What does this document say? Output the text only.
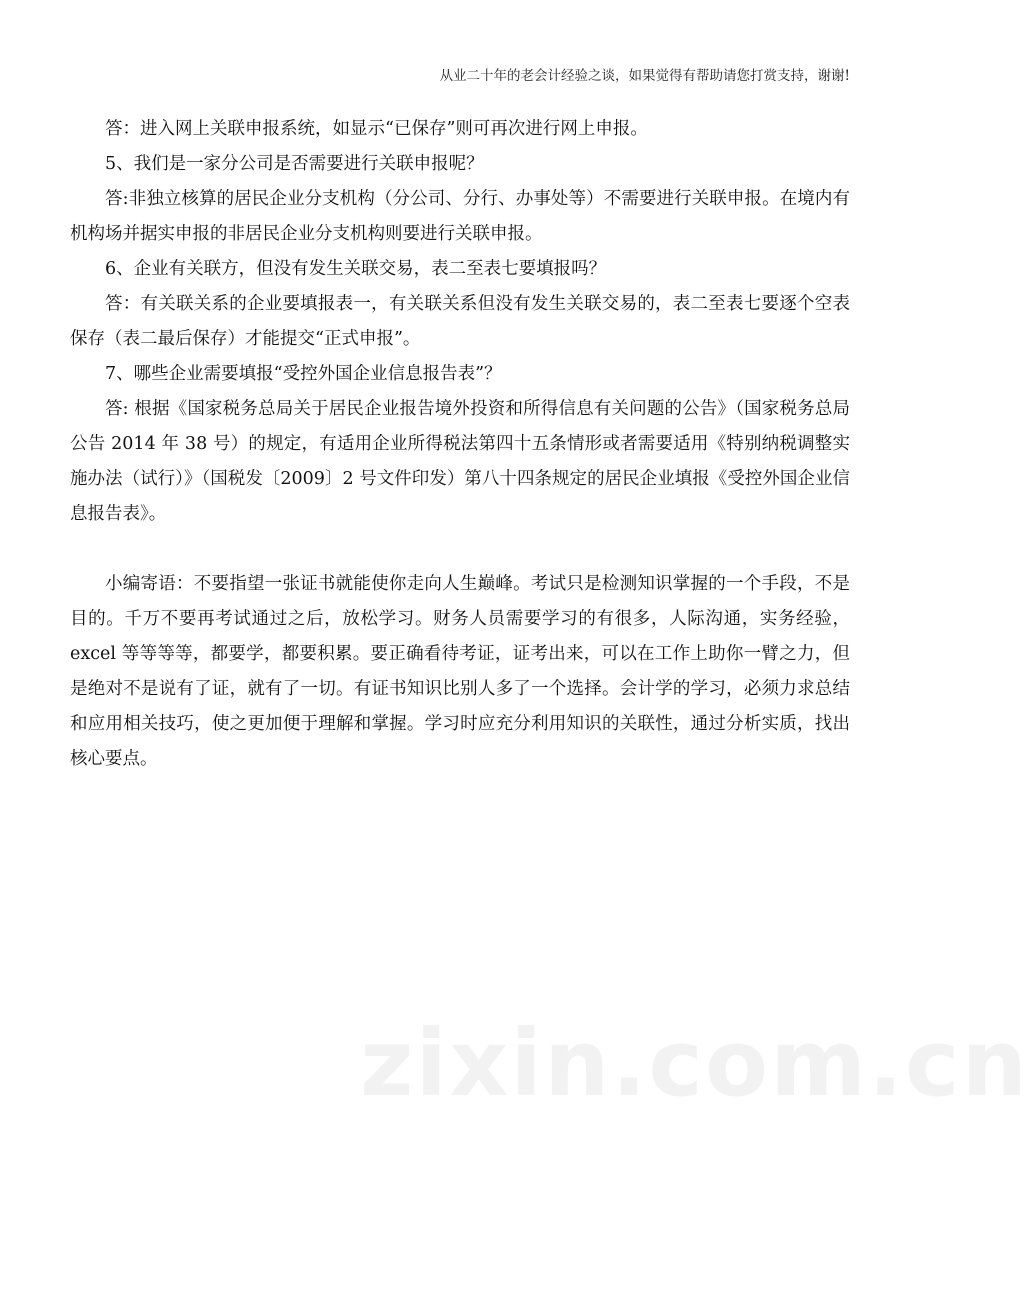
从业二十年的老会计经验之谈，如果觉得有帮助请您打赏支持，谢谢!

答：进入网上关联申报系统，如显示“已保存”则可再次进行网上申报。

5、我们是一家分公司是否需要进行关联申报呢？

答:非独立核算的居民企业分支机构（分公司、分行、办事处等）不需要进行关联申报。在境内有机构场并据实申报的非居民企业分支机构则要进行关联申报。

6、企业有关联方，但没有发生关联交易，表二至表七要填报吗？

答：有关联关系的企业要填报表一，有关联关系但没有发生关联交易的，表二至表七要逐个空表保存（表二最后保存）才能提交“正式申报”。

7、哪些企业需要填报“受控外国企业信息报告表”？

答: 根据《国家税务总局关于居民企业报告境外投资和所得信息有关问题的公告》（国家税务总局公告 2014 年 38 号）的规定，有适用企业所得税法第四十五条情形或者需要适用《特别纳税调整实施办法（试行）》（国税发〔2009〕2 号文件印发）第八十四条规定的居民企业填报《受控外国企业信息报告表》。

小编寄语：不要指望一张证书就能使你走向人生巅峰。考试只是检测知识掌握的一个手段，不是目的。千万不要再考试通过之后，放松学习。财务人员需要学习的有很多，人际沟通，实务经验，excel 等等等等，都要学，都要积累。要正确看待考证，证考出来，可以在工作上助你一臂之力，但是绝对不是说有了证，就有了一切。有证书知识比别人多了一个选择。会计学的学习，必须力求总结和应用相关技巧，使之更加便于理解和掌握。学习时应充分利用知识的关联性，通过分析实质，找出核心要点。

zixin.com.cn
